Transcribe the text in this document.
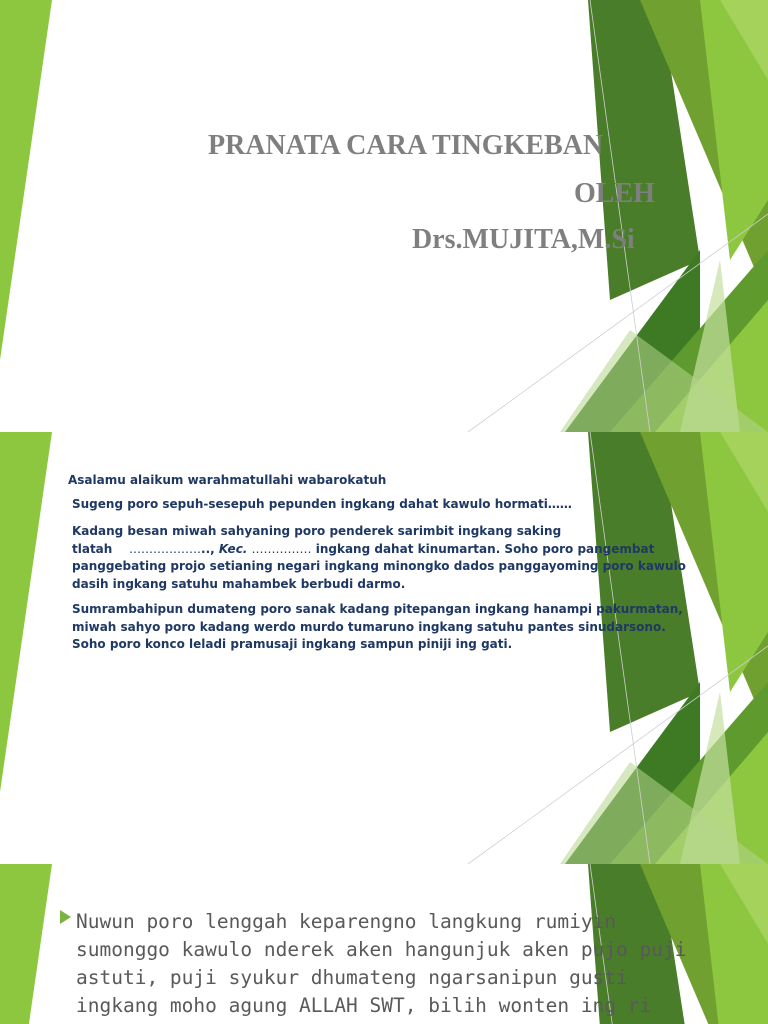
PRANATA CARA TINGKEBAN
OLEH
Drs.MUJITA,M.Si

Asalamu alaikum warahmatullahi wabarokatuh

Sugeng poro sepuh-sesepuh pepunden ingkang dahat kawulo hormati……

Kadang besan miwah sahyaning poro penderek sarimbit ingkang saking tlatah ……………….., Kec. …………… ingkang dahat kinumartan. Soho poro pangembat panggebating projo setianing negari ingkang minongko dados panggayoming poro kawulo dasih ingkang satuhu mahambek berbudi darmo.

Sumrambahipun dumateng poro sanak kadang pitepangan ingkang hanampi pakurmatan, miwah sahyo poro kadang werdo murdo tumaruno ingkang satuhu pantes sinudarsono. Soho poro konco leladi pramusaji ingkang sampun piniji ing gati.

Nuwun poro lenggah keparengno langkung rumiyin sumonggo kawulo nderek aken hangunjuk aken pujo puji astuti, puji syukur dhumateng ngarsanipun gusti ingkang moho agung ALLAH SWT, bilih wonten ing ri
